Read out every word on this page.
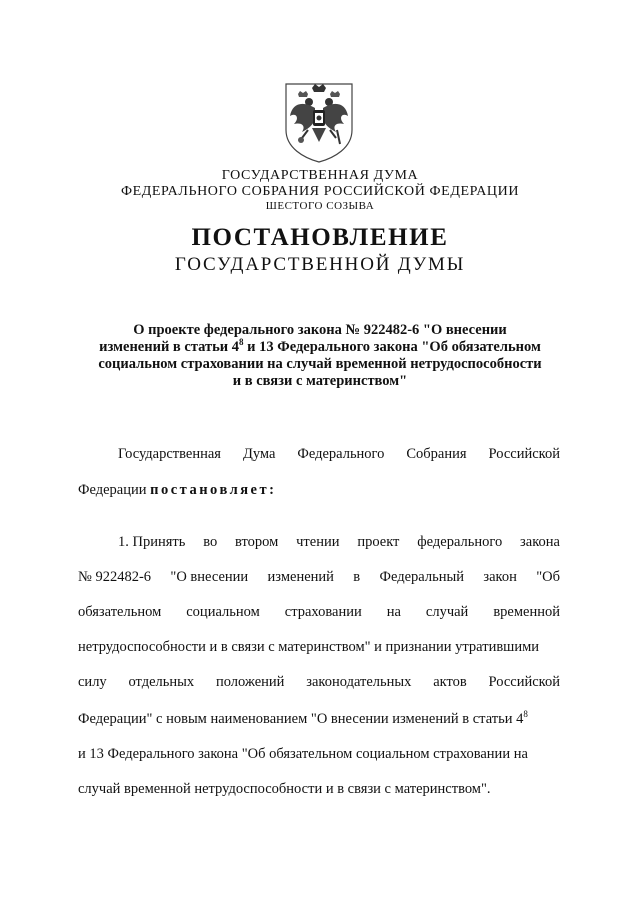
ГОСУДАРСТВЕННАЯ ДУМА
ФЕДЕРАЛЬНОГО СОБРАНИЯ РОССИЙСКОЙ ФЕДЕРАЦИИ
ШЕСТОГО СОЗЫВА
ПОСТАНОВЛЕНИЕ
ГОСУДАРСТВЕННОЙ ДУМЫ
О проекте федерального закона № 922482-6 "О внесении
изменений в статьи $4^8$ и 13 Федерального закона "Об обязательном
социальном страховании на случай временной нетрудоспособности
и в связи с материнством"
Государственная Дума Федерального Собрания Российской
Федерации постановляет:
1. Принять во втором чтении проект федерального закона
№ 922482-6 "О внесении изменений в Федеральный закон "Об
обязательном социальном страховании на случай временной
нетрудоспособности и в связи с материнством" и признании утратившими
силу отдельных положений законодательных актов Российской
Федерации" с новым наименованием "О внесении изменений в статьи $4^8$
и 13 Федерального закона "Об обязательном социальном страховании на
случай временной нетрудоспособности и в связи с материнством".
